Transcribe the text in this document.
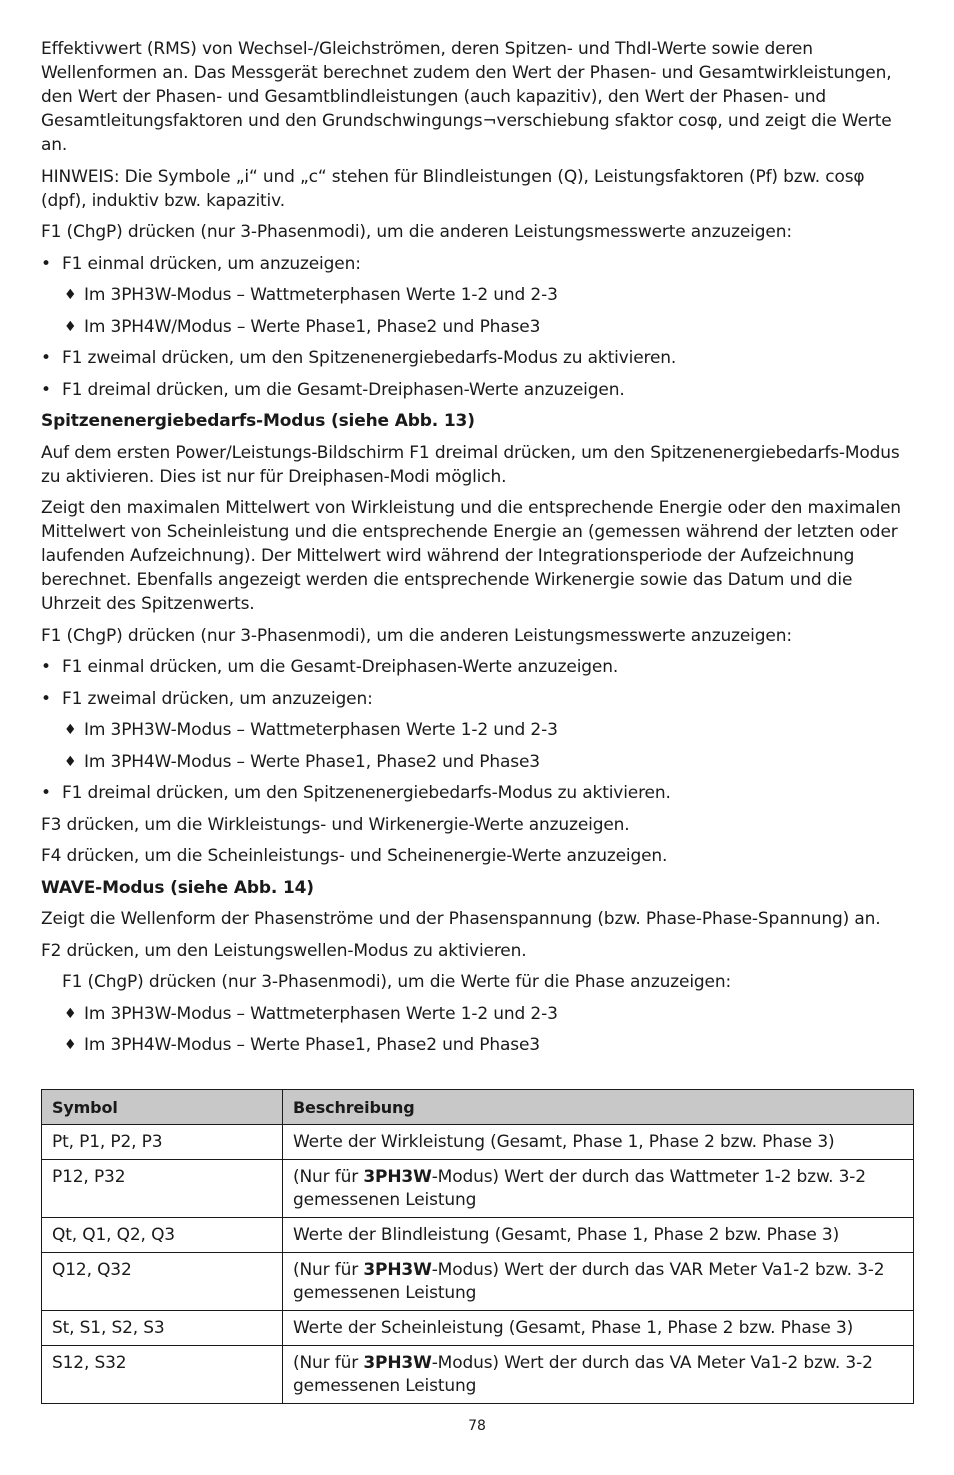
Effektivwert (RMS) von Wechsel-/Gleichströmen, deren Spitzen- und ThdI-Werte sowie deren Wellenformen an. Das Messgerät berechnet zudem den Wert der Phasen- und Gesamtwirkleistungen, den Wert der Phasen- und Gesamtblindleistungen (auch kapazitiv), den Wert der Phasen- und Gesamtleitungsfaktoren und den Grundschwingungs¬verschiebung sfaktor cosφ, und zeigt die Werte an.

HINWEIS: Die Symbole „i“ und „c“ stehen für Blindleistungen (Q), Leistungsfaktoren (Pf) bzw. cosφ (dpf), induktiv bzw. kapazitiv.

F1 (ChgP) drücken (nur 3-Phasenmodi), um die anderen Leistungsmesswerte anzuzeigen:

• F1 einmal drücken, um anzuzeigen:
♦ Im 3PH3W-Modus – Wattmeterphasen Werte 1-2 und 2-3
♦ Im 3PH4W/Modus – Werte Phase1, Phase2 und Phase3
• F1 zweimal drücken, um den Spitzenenergiebedarfs-Modus zu aktivieren.
• F1 dreimal drücken, um die Gesamt-Dreiphasen-Werte anzuzeigen.

Spitzenenergiebedarfs-Modus (siehe Abb. 13)

Auf dem ersten Power/Leistungs-Bildschirm F1 dreimal drücken, um den Spitzenenergiebedarfs-Modus zu aktivieren. Dies ist nur für Dreiphasen-Modi möglich.

Zeigt den maximalen Mittelwert von Wirkleistung und die entsprechende Energie oder den maximalen Mittelwert von Scheinleistung und die entsprechende Energie an (gemessen während der letzten oder laufenden Aufzeichnung). Der Mittelwert wird während der Integrationsperiode der Aufzeichnung berechnet. Ebenfalls angezeigt werden die entsprechende Wirkenergie sowie das Datum und die Uhrzeit des Spitzenwerts.

F1 (ChgP) drücken (nur 3-Phasenmodi), um die anderen Leistungsmesswerte anzuzeigen:

• F1 einmal drücken, um die Gesamt-Dreiphasen-Werte anzuzeigen.
• F1 zweimal drücken, um anzuzeigen:
♦ Im 3PH3W-Modus – Wattmeterphasen Werte 1-2 und 2-3
♦ Im 3PH4W-Modus – Werte Phase1, Phase2 und Phase3
• F1 dreimal drücken, um den Spitzenenergiebedarfs-Modus zu aktivieren.

F3 drücken, um die Wirkleistungs- und Wirkenergie-Werte anzuzeigen.

F4 drücken, um die Scheinleistungs- und Scheinenergie-Werte anzuzeigen.

WAVE-Modus (siehe Abb. 14)

Zeigt die Wellenform der Phasenströme und der Phasenspannung (bzw. Phase-Phase-Spannung) an.

F2 drücken, um den Leistungswellen-Modus zu aktivieren.

F1 (ChgP) drücken (nur 3-Phasenmodi), um die Werte für die Phase anzuzeigen:

♦ Im 3PH3W-Modus – Wattmeterphasen Werte 1-2 und 2-3
♦ Im 3PH4W-Modus – Werte Phase1, Phase2 und Phase3
Symbol	Beschreibung
Pt, P1, P2, P3	Werte der Wirkleistung (Gesamt, Phase 1, Phase 2 bzw. Phase 3)
P12, P32	(Nur für 3PH3W-Modus) Wert der durch das Wattmeter 1-2 bzw. 3-2 gemessenen Leistung
Qt, Q1, Q2, Q3	Werte der Blindleistung (Gesamt, Phase 1, Phase 2 bzw. Phase 3)
Q12, Q32	(Nur für 3PH3W-Modus) Wert der durch das VAR Meter Va1-2 bzw. 3-2 gemessenen Leistung
St, S1, S2, S3	Werte der Scheinleistung (Gesamt, Phase 1, Phase 2 bzw. Phase 3)
S12, S32	(Nur für 3PH3W-Modus) Wert der durch das VA Meter Va1-2 bzw. 3-2 gemessenen Leistung
78
